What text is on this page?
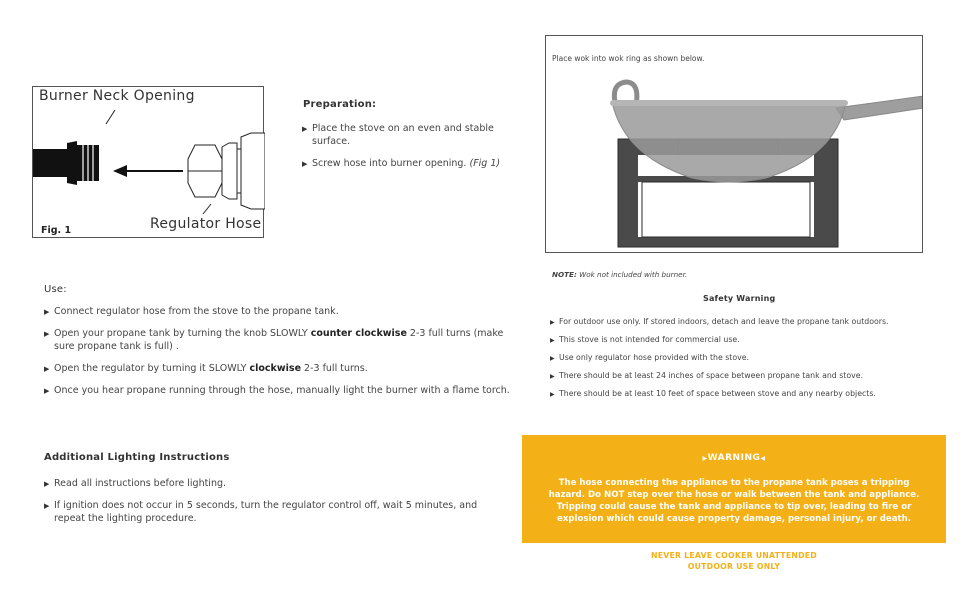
Burner Neck Opening
Regulator Hose
Fig. 1
Preparation:
▶ Place the stove on an even and stable surface.
▶ Screw hose into burner opening. (Fig 1)
Place wok into wok ring as shown below.
NOTE: Wok not included with burner.
Use:
▶ Connect regulator hose from the stove to the propane tank.
▶ Open your propane tank by turning the knob SLOWLY counter clockwise 2-3 full turns (make sure propane tank is full) .
▶ Open the regulator by turning it SLOWLY clockwise 2-3 full turns.
▶ Once you hear propane running through the hose, manually light the burner with a flame torch.
Safety Warning
▶ For outdoor use only. If stored indoors, detach and leave the propane tank outdoors.
▶ This stove is not intended for commercial use.
▶ Use only regulator hose provided with the stove.
▶ There should be at least 24 inches of space between propane tank and stove.
▶ There should be at least 10 feet of space between stove and any nearby objects.
Additional Lighting Instructions
▶ Read all instructions before lighting.
▶ If ignition does not occur in 5 seconds, turn the regulator control off, wait 5 minutes, and repeat the lighting procedure.
▶WARNING◀
The hose connecting the appliance to the propane tank poses a tripping hazard. Do NOT step over the hose or walk between the tank and appliance. Tripping could cause the tank and appliance to tip over, leading to fire or explosion which could cause property damage, personal injury, or death.
NEVER LEAVE COOKER UNATTENDED
OUTDOOR USE ONLY
